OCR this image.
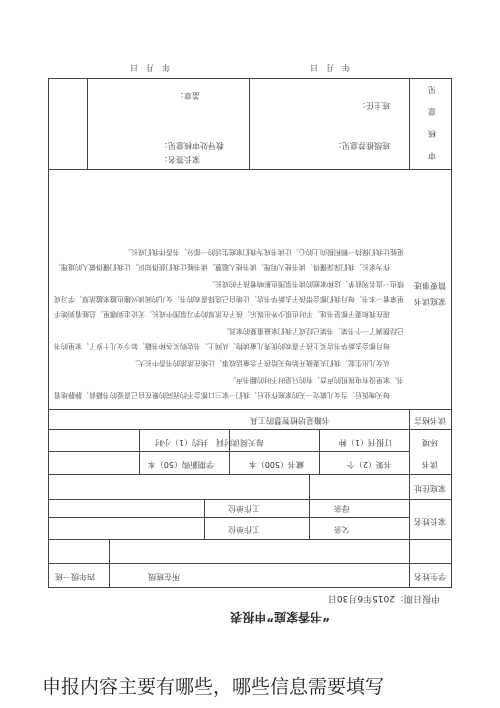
“书香家庭”申报表
申报日期：2015年6月30日
学生姓名
所在班级
四年级一班
家长姓名
父亲
母亲
工作单位
工作单位
家庭住址
读书
环境
书架（2）个
藏书（500）本
学期新购（50）本
订报刊（1）种
每天阅读时间　共约（1）小时
读书格言
书籍是培植智慧的工具
家庭读书
简要事迹

每天晚饭后，当女儿做完一天的家庭作业后，我们一家三口都会不约而同的聚在自己喜爱的书籍前，静静地看书。家里没有电视机的声音，有的只是时不时的翻书声。

从女儿出生起，我们夫妻就开始每天给孩子念童话故事，让她在浓浓的书香中长大。

每月都会去新华书店买上孩子喜欢的优秀儿童读物，从网上、书店购买各种书籍，如今女儿十岁了，家里的书已经摆满了一个书架，书架已经成了我们家最重要的家具。

现在我和妻子都是书迷，平时也很少外出娱乐，孩子在浓厚的学习氛围中成长，无论走到哪里，总能看到她手里拿着一本书，每月我们都会带孩子去新华书店，让她自己选择喜欢的书，女儿的阅读兴趣也越来越浓厚，学习成绩也一直名列前茅，这种家庭的读书氛围也影响着孩子的成长。

作为家长，我们深深懂得，读书使人明理，读书使人聪慧，读书能让我们获得知识，让我们懂得做人的道理，更能让我们保持一颗积极向上的心。让读书成为我们家庭生活的一部分，书香伴我们成长。

审
核
意
见
班级推荐意见：
班主任：
年　月　日
教导处审核意见：
家长签名：
盖章：
年　月　日
申报内容主要有哪些，哪些信息需要填写
